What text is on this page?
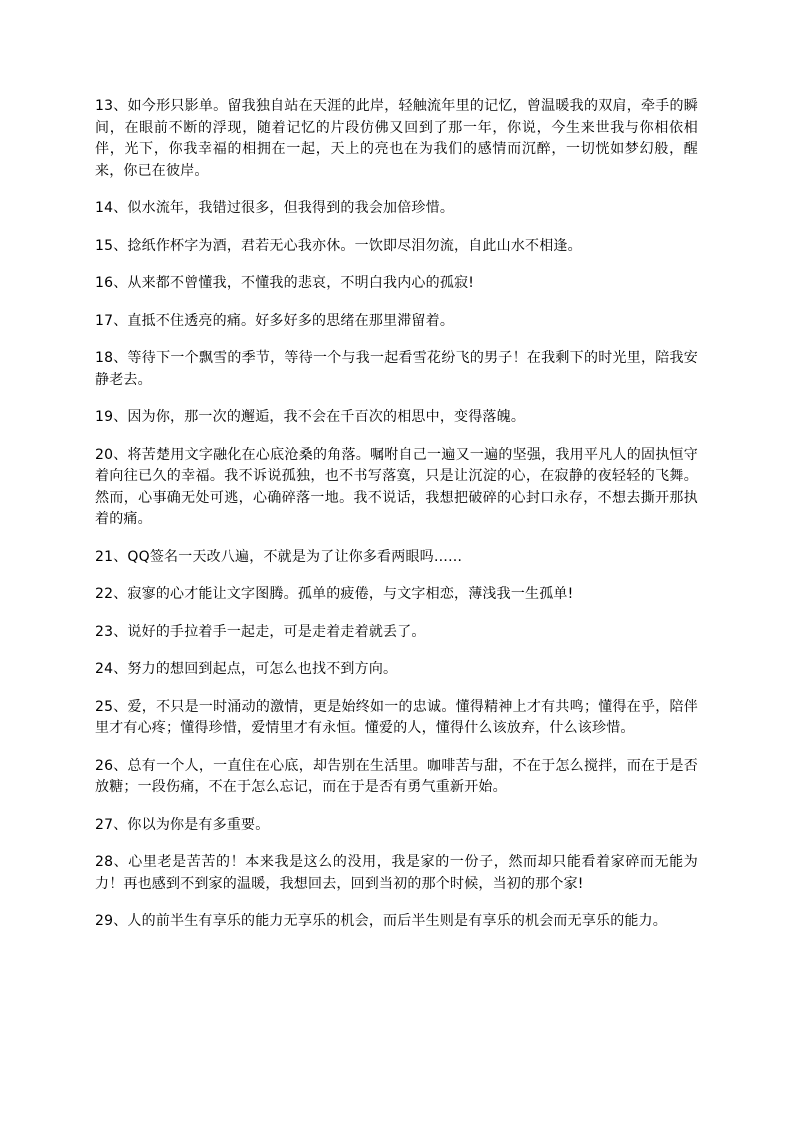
13、如今形只影单。留我独自站在天涯的此岸，轻触流年里的记忆，曾温暖我的双肩，牵手的瞬间，在眼前不断的浮现，随着记忆的片段仿佛又回到了那一年，你说，今生来世我与你相依相伴，光下，你我幸福的相拥在一起，天上的亮也在为我们的感情而沉醉，一切恍如梦幻般，醒来，你已在彼岸。

14、似水流年，我错过很多，但我得到的我会加倍珍惜。

15、捻纸作杯字为酒，君若无心我亦休。一饮即尽泪勿流，自此山水不相逢。

16、从来都不曾懂我，不懂我的悲哀，不明白我内心的孤寂!

17、直抵不住透亮的痛。好多好多的思绪在那里滞留着。

18、等待下一个飘雪的季节，等待一个与我一起看雪花纷飞的男子！在我剩下的时光里，陪我安静老去。

19、因为你，那一次的邂逅，我不会在千百次的相思中，变得落魄。

20、将苦楚用文字融化在心底沧桑的角落。嘱咐自己一遍又一遍的坚强，我用平凡人的固执恒守着向往已久的幸福。我不诉说孤独，也不书写落寞，只是让沉淀的心，在寂静的夜轻轻的飞舞。然而，心事确无处可逃，心确碎落一地。我不说话，我想把破碎的心封口永存，不想去撕开那执着的痛。

21、QQ签名一天改八遍，不就是为了让你多看两眼吗……

22、寂寥的心才能让文字图腾。孤单的疲倦，与文字相恋，薄浅我一生孤单!

23、说好的手拉着手一起走，可是走着走着就丢了。

24、努力的想回到起点，可怎么也找不到方向。

25、爱，不只是一时涌动的激情，更是始终如一的忠诚。懂得精神上才有共鸣；懂得在乎，陪伴里才有心疼；懂得珍惜，爱情里才有永恒。懂爱的人，懂得什么该放弃，什么该珍惜。

26、总有一个人，一直住在心底，却告别在生活里。咖啡苦与甜，不在于怎么搅拌，而在于是否放糖；一段伤痛，不在于怎么忘记，而在于是否有勇气重新开始。

27、你以为你是有多重要。

28、心里老是苦苦的！本来我是这么的没用，我是家的一份子，然而却只能看着家碎而无能为力！再也感到不到家的温暖，我想回去，回到当初的那个时候，当初的那个家!

29、人的前半生有享乐的能力无享乐的机会，而后半生则是有享乐的机会而无享乐的能力。
